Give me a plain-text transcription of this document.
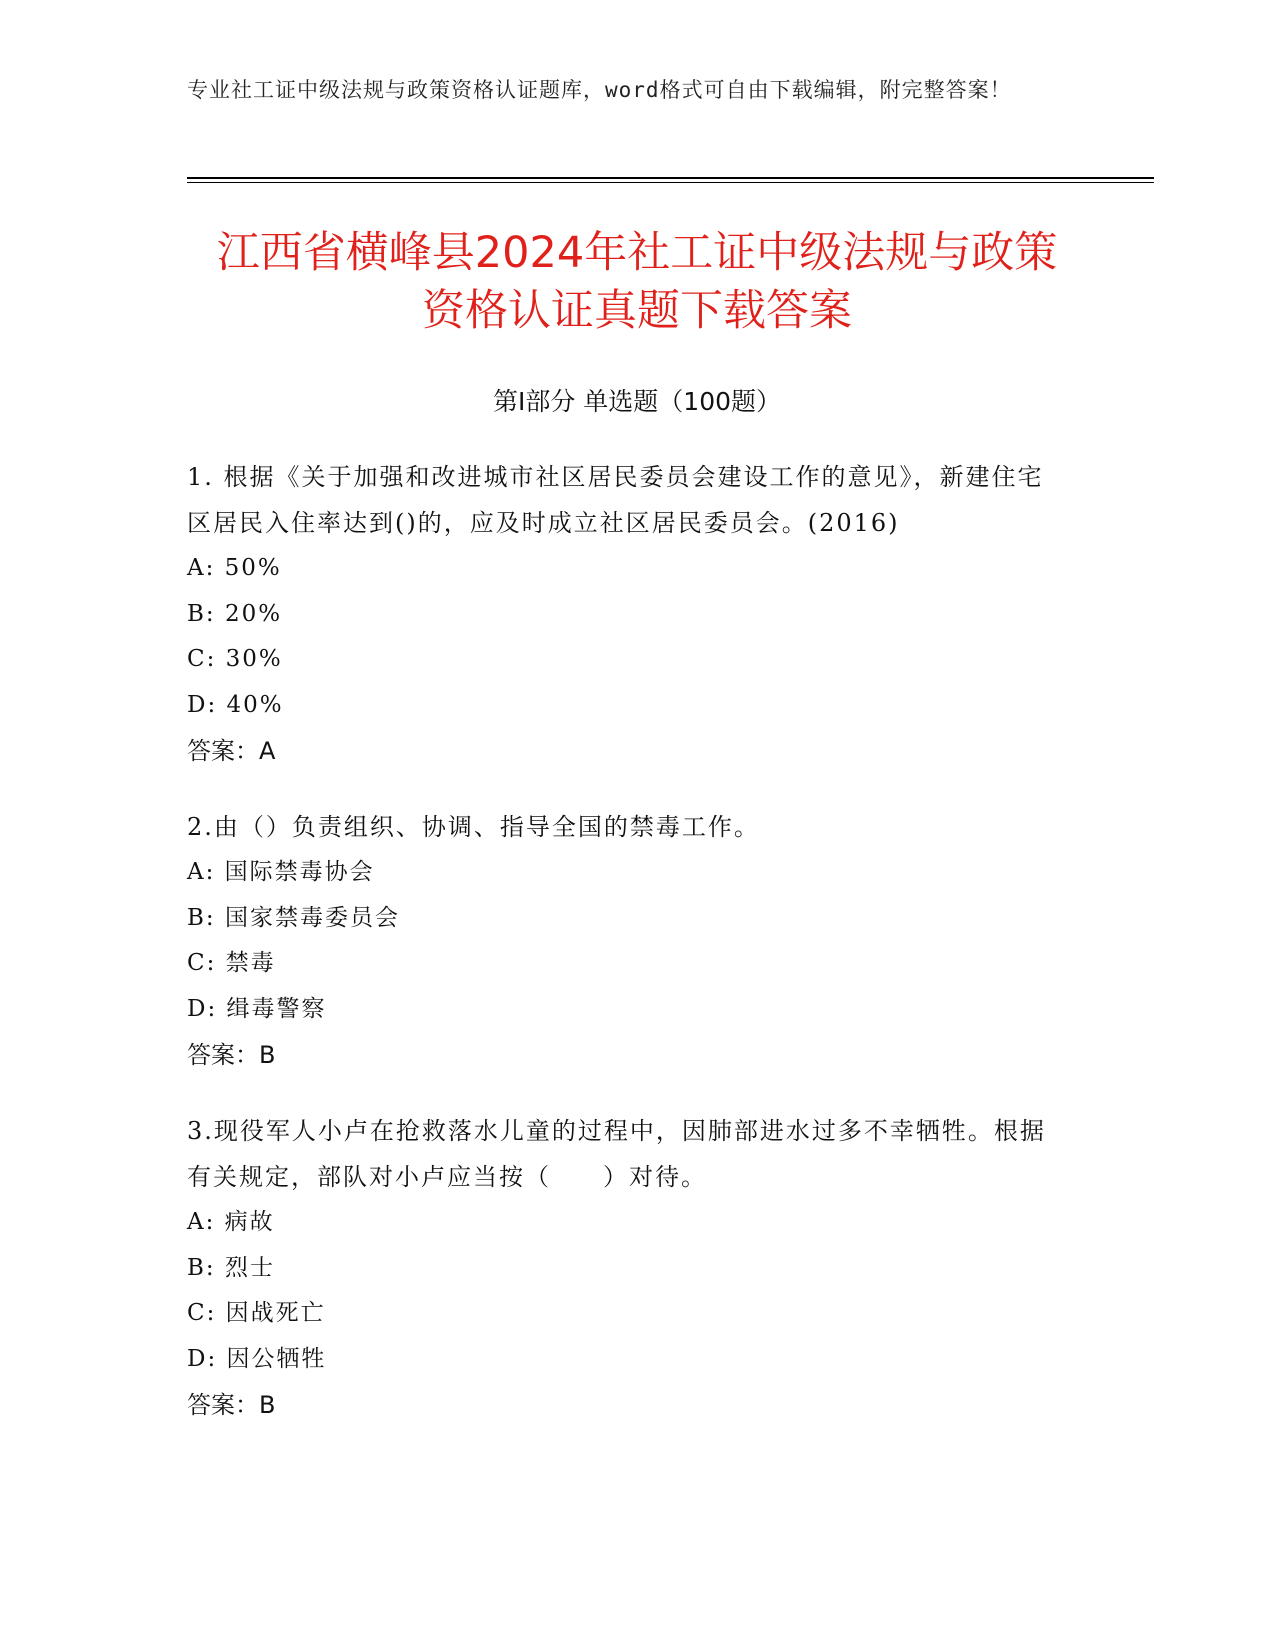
专业社工证中级法规与政策资格认证题库，word格式可自由下载编辑，附完整答案！
江西省横峰县2024年社工证中级法规与政策
资格认证真题下载答案
第I部分 单选题（100题）
1. 根据《关于加强和改进城市社区居民委员会建设工作的意见》，新建住宅区居民入住率达到()的，应及时成立社区居民委员会。(2016)
A: 50%
B: 20%
C: 30%
D: 40%
答案：A
2.由（）负责组织、协调、指导全国的禁毒工作。
A: 国际禁毒协会
B: 国家禁毒委员会
C: 禁毒
D: 缉毒警察
答案：B
3.现役军人小卢在抢救落水儿童的过程中，因肺部进水过多不幸牺牲。根据有关规定，部队对小卢应当按（　　）对待。
A: 病故
B: 烈士
C: 因战死亡
D: 因公牺牲
答案：B
